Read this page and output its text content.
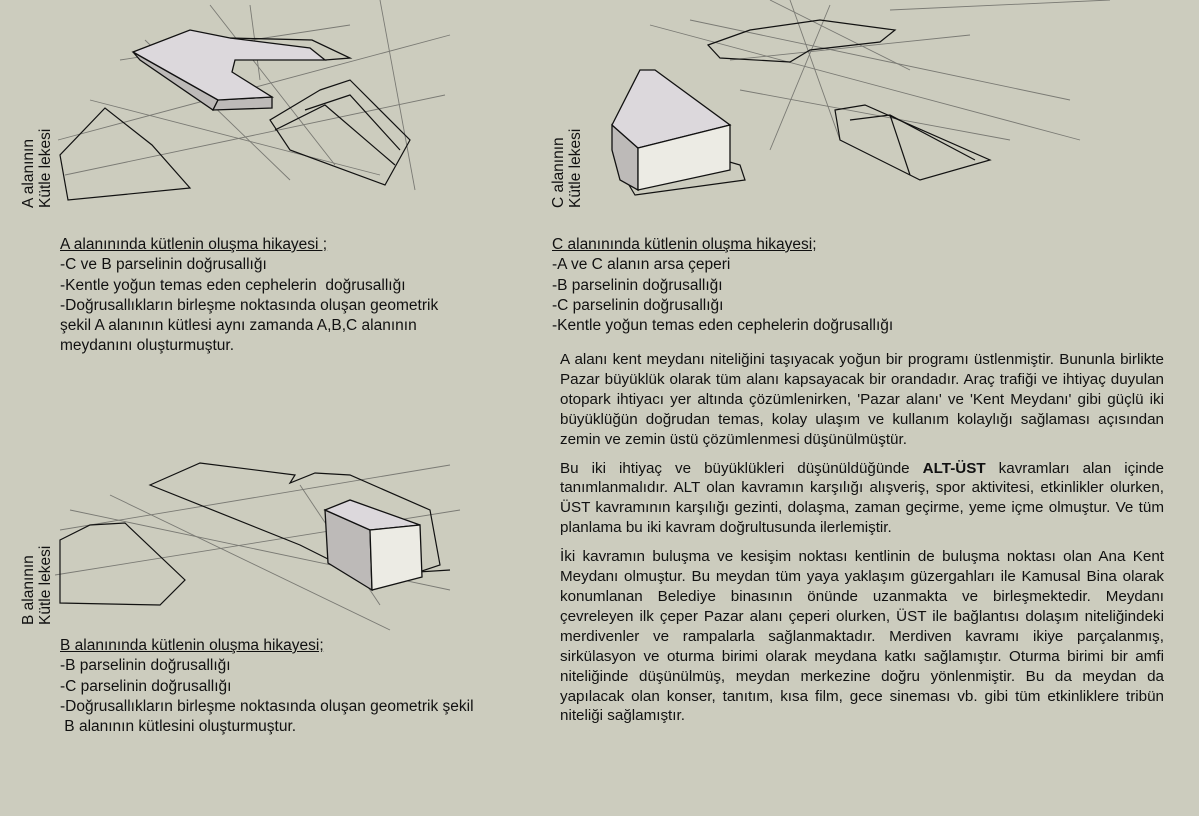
A alanının Kütle lekesi	C alanının Kütle lekesi
B alanının Kütle lekesi
A alanınında kütlenin oluşma hikayesi ;
-C ve B parselinin doğrusallığı
-Kentle yoğun temas eden cephelerin  doğrusallığı
-Doğrusallıkların birleşme noktasında oluşan geometrik
şekil A alanının kütlesi aynı zamanda A,B,C alanının
meydanını oluşturmuştur.
C alanınında kütlenin oluşma hikayesi;
-A ve C alanın arsa çeperi
-B parselinin doğrusallığı
-C parselinin doğrusallığı
-Kentle yoğun temas eden cephelerin doğrusallığı
B alanınında kütlenin oluşma hikayesi;
-B parselinin doğrusallığı
-C parselinin doğrusallığı
-Doğrusallıkların birleşme noktasında oluşan geometrik şekil
B alanının kütlesini oluşturmuştur.

A alanı kent meydanı niteliğini taşıyacak yoğun bir programı üstlenmiştir. Bununla birlikte Pazar büyüklük olarak tüm alanı kapsayacak bir orandadır. Araç trafiği ve ihtiyaç duyulan otopark ihtiyacı yer altında çözümlenirken, 'Pazar alanı' ve 'Kent Meydanı' gibi güçlü iki büyüklüğün doğrudan temas, kolay ulaşım ve kullanım kolaylığı sağlaması açısından zemin ve zemin üstü çözümlenmesi düşünülmüştür.

Bu iki ihtiyaç ve büyüklükleri düşünüldüğünde ALT-ÜST kavramları alan içinde tanımlanmalıdır. ALT olan kavramın karşılığı alışveriş, spor aktivitesi, etkinlikler olurken, ÜST kavramının karşılığı gezinti, dolaşma, zaman geçirme, yeme içme olmuştur. Ve tüm planlama bu iki kavram doğrultusunda ilerlemiştir.

İki kavramın buluşma ve kesişim noktası kentlinin de buluşma noktası olan Ana Kent Meydanı olmuştur. Bu meydan tüm yaya yaklaşım güzergahları ile Kamusal Bina olarak konumlanan Belediye binasının önünde uzanmakta ve birleşmektedir. Meydanı çevreleyen ilk çeper Pazar alanı çeperi olurken, ÜST ile bağlantısı dolaşım niteliğindeki merdivenler ve rampalarla sağlanmaktadır. Merdiven kavramı ikiye parçalanmış, sirkülasyon ve oturma birimi olarak meydana katkı sağlamıştır. Oturma birimi bir amfi niteliğinde düşünülmüş, meydan merkezine doğru yönlenmiştir. Bu da meydan da yapılacak olan konser, tanıtım, kısa film, gece sineması vb. gibi tüm etkinliklere tribün niteliği sağlamıştır.
